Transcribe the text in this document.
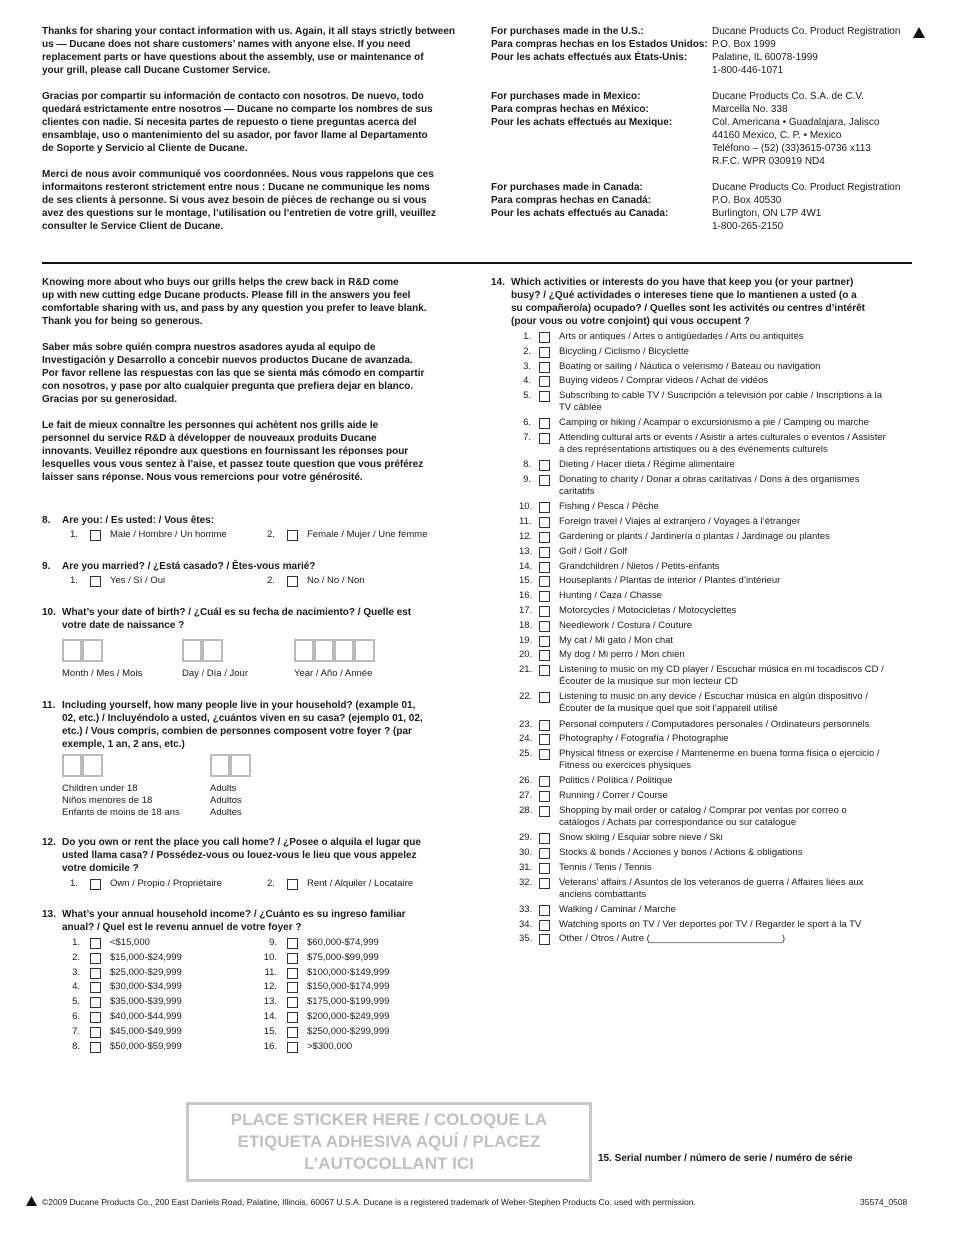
Thanks for sharing your contact information with us. Again, it all stays strictly between
us — Ducane does not share customers’ names with anyone else. If you need
replacement parts or have questions about the assembly, use or maintenance of
your grill, please call Ducane Customer Service.
Gracias por compartir su información de contacto con nosotros. De nuevo, todo
quedará estrictamente entre nosotros — Ducane no comparte los nombres de sus
clientes con nadie. Si necesita partes de repuesto o tiene preguntas acerca del
ensamblaje, uso o mantenimiento del su asador, por favor llame al Departamento
de Soporte y Servicio al Cliente de Ducane.
Merci de nous avoir communiqué vos coordonnées. Nous vous rappelons que ces
informaitons resteront strictement entre nous : Ducane ne communique les noms
de ses clients à personne. Si vous avez besoin de pièces de rechange ou si vous
avez des questions sur le montage, l’utilisation ou l’entretien de votre grill, veuillez
consulter le Service Client de Ducane.
For purchases made in the U.S.:
Para compras hechas en los Estados Unidos:
Pour les achats effectués aux États-Unis:
Ducane Products Co. Product Registration
P.O. Box 1999
Palatine, IL 60078-1999
1-800-446-1071
For purchases made in Mexico:
Para compras hechas en México:
Pour les achats effectués au Mexique:
Ducane Products Co. S.A. de C.V.
Marcella No. 338
Col. Americana • Guadalajara, Jalisco
44160 Mexico, C. P. • Mexico
Teléfono – (52) (33)3615-0736 x113
R.F.C. WPR 030919 ND4
For purchases made in Canada:
Para compras hechas en Canadá:
Pour les achats effectués au Canada:
Ducane Products Co. Product Registration
P.O. Box 40530
Burlington, ON L7P 4W1
1-800-265-2150
Knowing more about who buys our grills helps the crew back in R&D come
up with new cutting edge Ducane products. Please fill in the answers you feel
comfortable sharing with us, and pass by any question you prefer to leave blank.
Thank you for being so generous.
Saber más sobre quién compra nuestros asadores ayuda al equipo de
Investigación y Desarrollo a concebir nuevos productos Ducane de avanzada.
Por favor rellene las respuestas con las que se sienta más cómodo en compartir
con nosotros, y pase por alto cualquier pregunta que prefiera dejar en blanco.
Gracias por su generosidad.
Le fait de mieux connaître les personnes qui achètent nos grills aide le
personnel du service R&D à développer de nouveaux produits Ducane
innovants. Veuillez répondre aux questions en fournissant les réponses pour
lesquelles vous vous sentez à l’aise, et passez toute question que vous préférez
laisser sans réponse. Nous vous remercions pour votre générosité.
8. Are you: / Es usted: / Vous êtes:
1.	Male / Hombre / Un homme	2.	Female / Mujer / Une femme
9. Are you married? / ¿Está casado? / Êtes-vous marié?
1.	Yes / Sí / Oui	2.	No / No / Non
10. What’s your date of birth? / ¿Cuál es su fecha de nacimiento? / Quelle est
votre date de naissance ?
Month / Mes / Mois	Day / Día / Jour	Year / Año / Année
11. Including yourself, how many people live in your household? (example 01,
02, etc.) / Incluyéndolo a usted, ¿cuántos viven en su casa? (ejemplo 01, 02,
etc.) / Vous compris, combien de personnes composent votre foyer ? (par
exemple, 1 an, 2 ans, etc.)
Children under 18
Niños menores de 18
Enfants de moins de 18 ans
Adults
Adultos
Adultes
12. Do you own or rent the place you call home? / ¿Posee o alquila el lugar que
usted llama casa? / Possédez-vous ou louez-vous le lieu que vous appelez
votre domicile ?
1.	Own / Propio / Propriétaire	2.	Rent / Alquiler / Locataire
13. What’s your annual household income? / ¿Cuánto es su ingreso familiar
anual? / Quel est le revenu annuel de votre foyer ?
1.	<$15,000
2.	$15,000-$24,999
3.	$25,000-$29,999
4.	$30,000-$34,999
5.	$35,000-$39,999
6.	$40,000-$44,999
7.	$45,000-$49,999
8.	$50,000-$59,999
9.	$60,000-$74,999
10.	$75,000-$99,999
11.	$100,000-$149,999
12.	$150,000-$174,999
13.	$175,000-$199,999
14.	$200,000-$249,999
15.	$250,000-$299,999
16.	>$300,000
PLACE STICKER HERE / COLOQUE LA
ETIQUETA ADHESIVA AQUÍ / PLACEZ
L’AUTOCOLLANT ICI
14. Which activities or interests do you have that keep you (or your partner)
busy? / ¿Qué actividades o intereses tiene que lo mantienen a usted (o a
su compañero/a) ocupado? / Quelles sont les activités ou centres d’intérêt
(pour vous ou votre conjoint) qui vous occupent ?
1.	Arts or antiques / Artes o antigüedades / Arts ou antiquités
2.	Bicycling / Ciclismo / Bicyclette
3.	Boating or sailing / Náutica o velerismo / Bateau ou navigation
4.	Buying videos / Comprar videos / Achat de vidéos
5.	Subscribing to cable TV / Suscripción a televisión por cable / Inscriptions à la
TV câblée
6.	Camping or hiking / Acampar o excursionismo a pie / Camping ou marche
7.	Attending cultural arts or events / Asistir a artes culturales o eventos / Assister
à des représentations artistiques ou à des événements culturels
8.	Dieting / Hacer dieta / Régime alimentaire
9.	Donating to charity / Donar a obras caritativas / Dons à des organismes
caritatifs
10.	Fishing / Pesca / Pêche
11.	Foreign travel / Viajes al extranjero / Voyages à l’étranger
12.	Gardening or plants / Jardinería o plantas / Jardinage ou plantes
13.	Golf / Golf / Golf
14.	Grandchildren / Nietos / Petits-enfants
15.	Houseplants / Plantas de interior / Plantes d’intérieur
16.	Hunting / Caza / Chasse
17.	Motorcycles / Motocicletas / Motocyclettes
18.	Needlework / Costura / Couture
19.	My cat / Mi gato / Mon chat
20.	My dog / Mi perro / Mon chien
21.	Listening to music on my CD player / Escuchar música en mi tocadiscos CD /
Écouter de la musique sur mon lecteur CD
22.	Listening to music on any device / Escuchar música en algún dispositivo /
Écouter de la musique quel que soit l’appareil utilisé
23.	Personal computers / Computadores personales / Ordinateurs personnels
24.	Photography / Fotografía / Photographie
25.	Physical fitness or exercise / Mantenerme en buena forma física o ejercicio /
Fitness ou exercices physiques
26.	Politics / Política / Politique
27.	Running / Correr / Course
28.	Shopping by mail order or catalog / Comprar por ventas por correo o
catálogos / Achats par correspondance ou sur catalogue
29.	Snow skiing / Esquiar sobre nieve / Ski
30.	Stocks & bonds / Acciones y bonos / Actions & obligations
31.	Tennis / Tenis / Tennis
32.	Veterans’ affairs / Asuntos de los veteranos de guerra / Affaires liées aux
anciens combattants
33.	Walking / Caminar / Marche
34.	Watching sports on TV / Ver deportes por TV / Regarder le sport à la TV
35.	Other / Otros / Autre (_________________________)
15. Serial number / número de serie / numéro de série
©2009 Ducane Products Co., 200 East Daniels Road, Palatine, Illinois, 60067 U.S.A. Ducane is a registered trademark of Weber-Stephen Products Co. used with permission.	35574_0508
